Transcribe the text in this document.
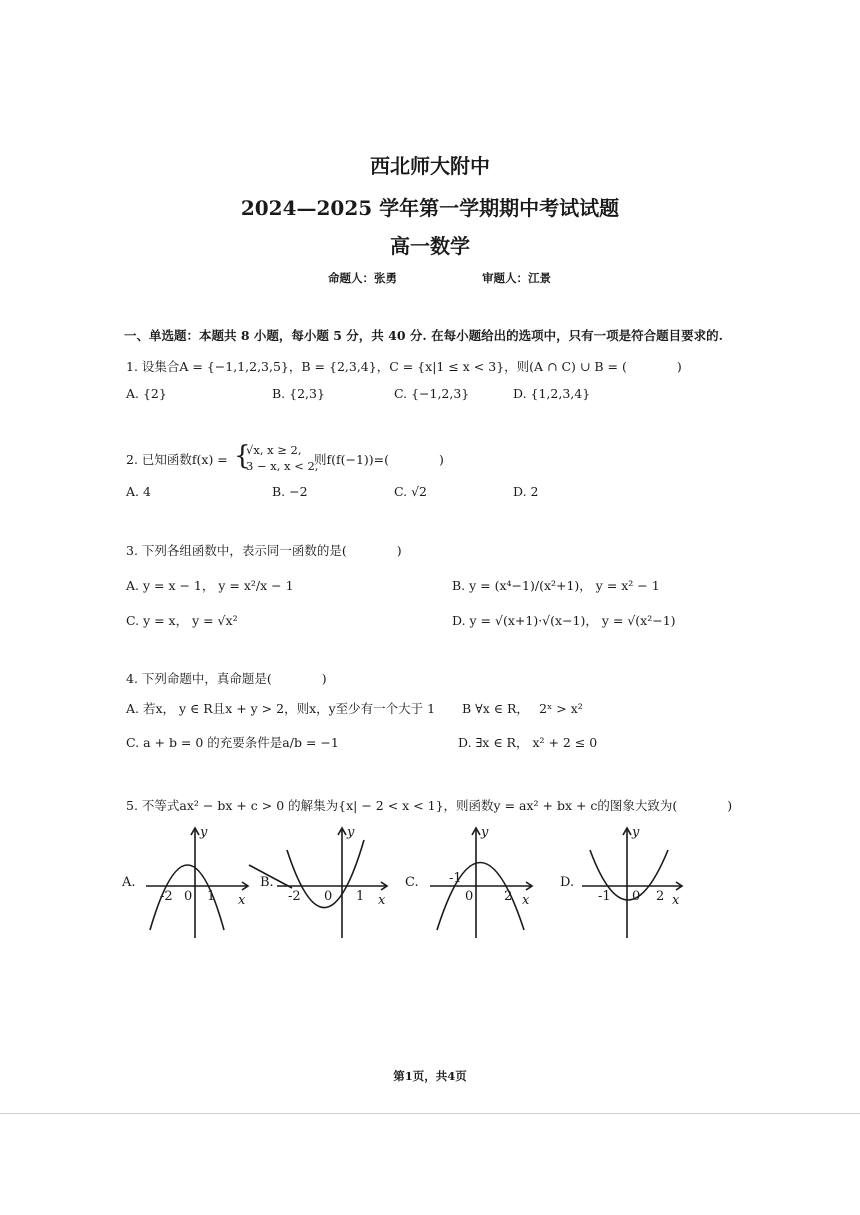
西北师大附中
2024—2025 学年第一学期期中考试试题
高一数学
命题人：张勇	审题人：江景
一、单选题：本题共 8 小题，每小题 5 分，共 40 分. 在每小题给出的选项中，只有一项是符合题目要求的.
1. 设集合A = {−1,1,2,3,5}，B = {2,3,4}，C = {x|1 ≤ x < 3}，则(A ∩ C) ∪ B = (　　　　)
A. {2}	B. {2,3}	C. {−1,2,3}	D. {1,2,3,4}
2. 已知函数f(x) = {
√x, x ≥ 2,
3 − x, x < 2,
则f(f(−1))=(　　　　)
A. 4	B. −2	C. √2	D. 2
3. 下列各组函数中，表示同一函数的是(　　　　)
A. y = x − 1， y = x²/x − 1	B. y = (x⁴−1)/(x²+1)， y = x² − 1
C. y = x， y = √x²	D. y = √(x+1)·√(x−1)， y = √(x²−1)
4. 下列命题中，真命题是(　　　　)
A. 若x， y ∈ R且x + y > 2，则x，y至少有一个大于 1 B ∀x ∈ R，　 2ˣ > x²
C. a + b = 0 的充要条件是a/b = −1	D. ∃x ∈ R， x² + 2 ≤ 0
5. 不等式ax² − bx + c > 0 的解集为{x| − 2 < x < 1}，则函数y = ax² + bx + c的图象大致为(　　　　)
A.
-2	1
0	x
y
B.
-2	1
0	x
y
C. -1
2
0	x
y
D.
-1	2
0 x
y
第1页，共4页
